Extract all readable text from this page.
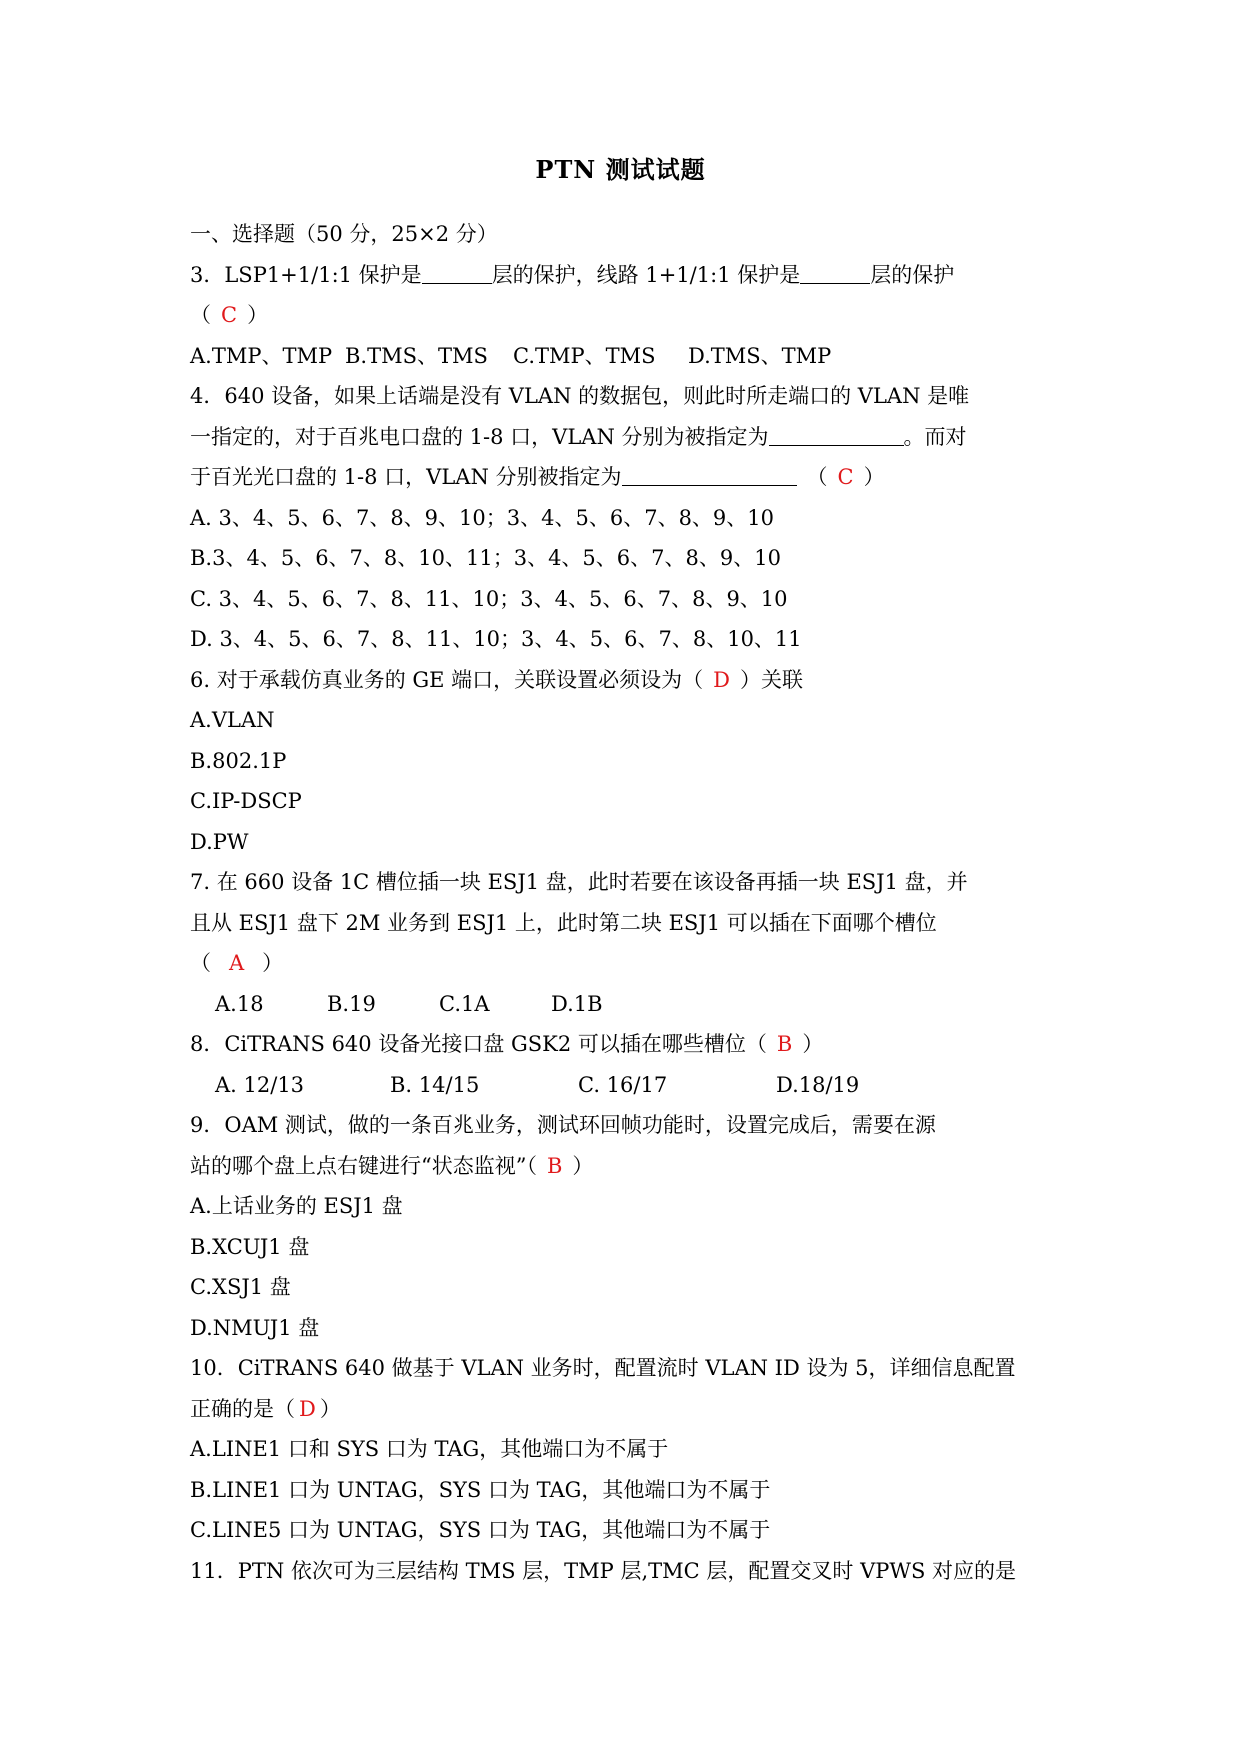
PTN 测试试题
一、选择题（50 分，25×2 分）
3．LSP1+1/1:1 保护是	层的保护，线路 1+1/1:1 保护是	层的保护
（ C ）
A.TMP、TMP B.TMS、TMS C.TMP、TMS D.TMS、TMP
4．640 设备，如果上话端是没有 VLAN 的数据包，则此时所走端口的 VLAN 是唯
一指定的，对于百兆电口盘的 1-8 口，VLAN 分别为被指定为	。而对
于百光光口盘的 1-8 口，VLAN 分别被指定为	（ C ）
A. 3、4、5、6、7、8、9、10；3、4、5、6、7、8、9、10
B.3、4、5、6、7、8、10、11；3、4、5、6、7、8、9、10
C. 3、4、5、6、7、8、11、10；3、4、5、6、7、8、9、10
D. 3、4、5、6、7、8、11、10；3、4、5、6、7、8、10、11
6. 对于承载仿真业务的 GE 端口，关联设置必须设为（ D ）关联
A.VLAN
B.802.1P
C.IP-DSCP
D.PW
7. 在 660 设备 1C 槽位插一块 ESJ1 盘，此时若要在该设备再插一块 ESJ1 盘，并
且从 ESJ1 盘下 2M 业务到 ESJ1 上，此时第二块 ESJ1 可以插在下面哪个槽位
（ A ）
A.18	B.19	C.1A	D.1B
8．CiTRANS 640 设备光接口盘 GSK2 可以插在哪些槽位（ B ）
A. 12/13	B. 14/15	C. 16/17	D.18/19
9．OAM 测试，做的一条百兆业务，测试环回帧功能时，设置完成后，需要在源
站的哪个盘上点右键进行“状态监视”（ B ）
A.上话业务的 ESJ1 盘
B.XCUJ1 盘
C.XSJ1 盘
D.NMUJ1 盘
10．CiTRANS 640 做基于 VLAN 业务时，配置流时 VLAN ID 设为 5，详细信息配置
正确的是（ D ）
A.LINE1 口和 SYS 口为 TAG，其他端口为不属于
B.LINE1 口为 UNTAG，SYS 口为 TAG，其他端口为不属于
C.LINE5 口为 UNTAG，SYS 口为 TAG，其他端口为不属于
11．PTN 依次可为三层结构 TMS 层，TMP 层,TMC 层，配置交叉时 VPWS 对应的是
